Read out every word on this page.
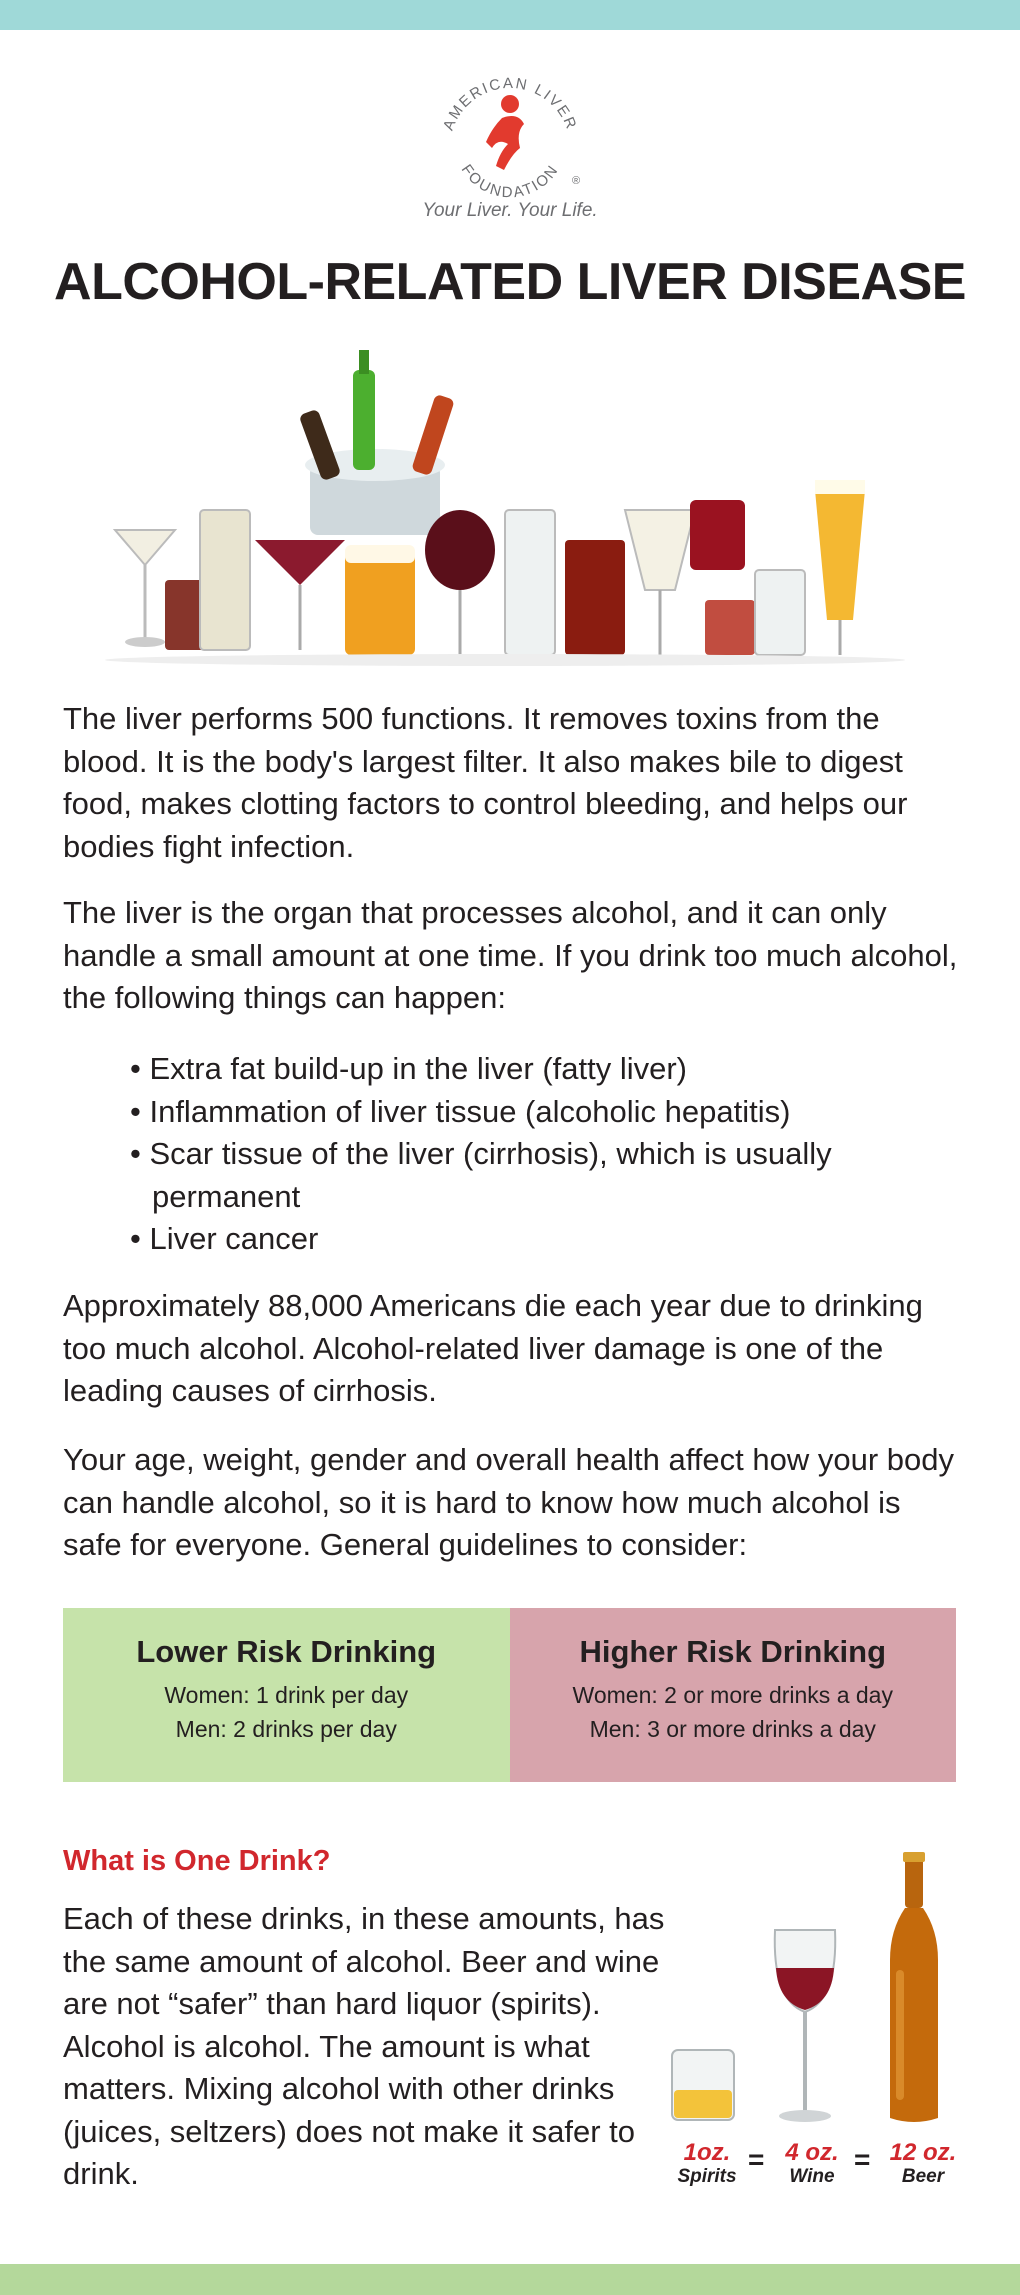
AMERICAN LIVER
FOUNDATION ®
Your Liver. Your Life.
ALCOHOL-RELATED LIVER DISEASE

The liver performs 500 functions. It removes toxins from the blood. It is the body's largest filter. It also makes bile to digest food, makes clotting factors to control bleeding, and helps our bodies fight infection.

The liver is the organ that processes alcohol, and it can only handle a small amount at one time. If you drink too much alcohol, the following things can happen:

• Extra fat build-up in the liver (fatty liver)
• Inflammation of liver tissue (alcoholic hepatitis)
• Scar tissue of the liver (cirrhosis), which is usually permanent
• Liver cancer

Approximately 88,000 Americans die each year due to drinking too much alcohol. Alcohol-related liver damage is one of the leading causes of cirrhosis.

Your age, weight, gender and overall health affect how your body can handle alcohol, so it is hard to know how much alcohol is safe for everyone. General guidelines to consider:

Lower Risk Drinking
Women: 1 drink per day
Men: 2 drinks per day
Higher Risk Drinking
Women: 2 or more drinks a day
Men: 3 or more drinks a day
What is One Drink?

Each of these drinks, in these amounts, has the same amount of alcohol. Beer and wine are not “safer” than hard liquor (spirits). Alcohol is alcohol. The amount is what matters. Mixing alcohol with other drinks (juices, seltzers) does not make it safer to drink.

1oz.
Spirits
= 4 oz.
Wine
= 12 oz.
Beer
